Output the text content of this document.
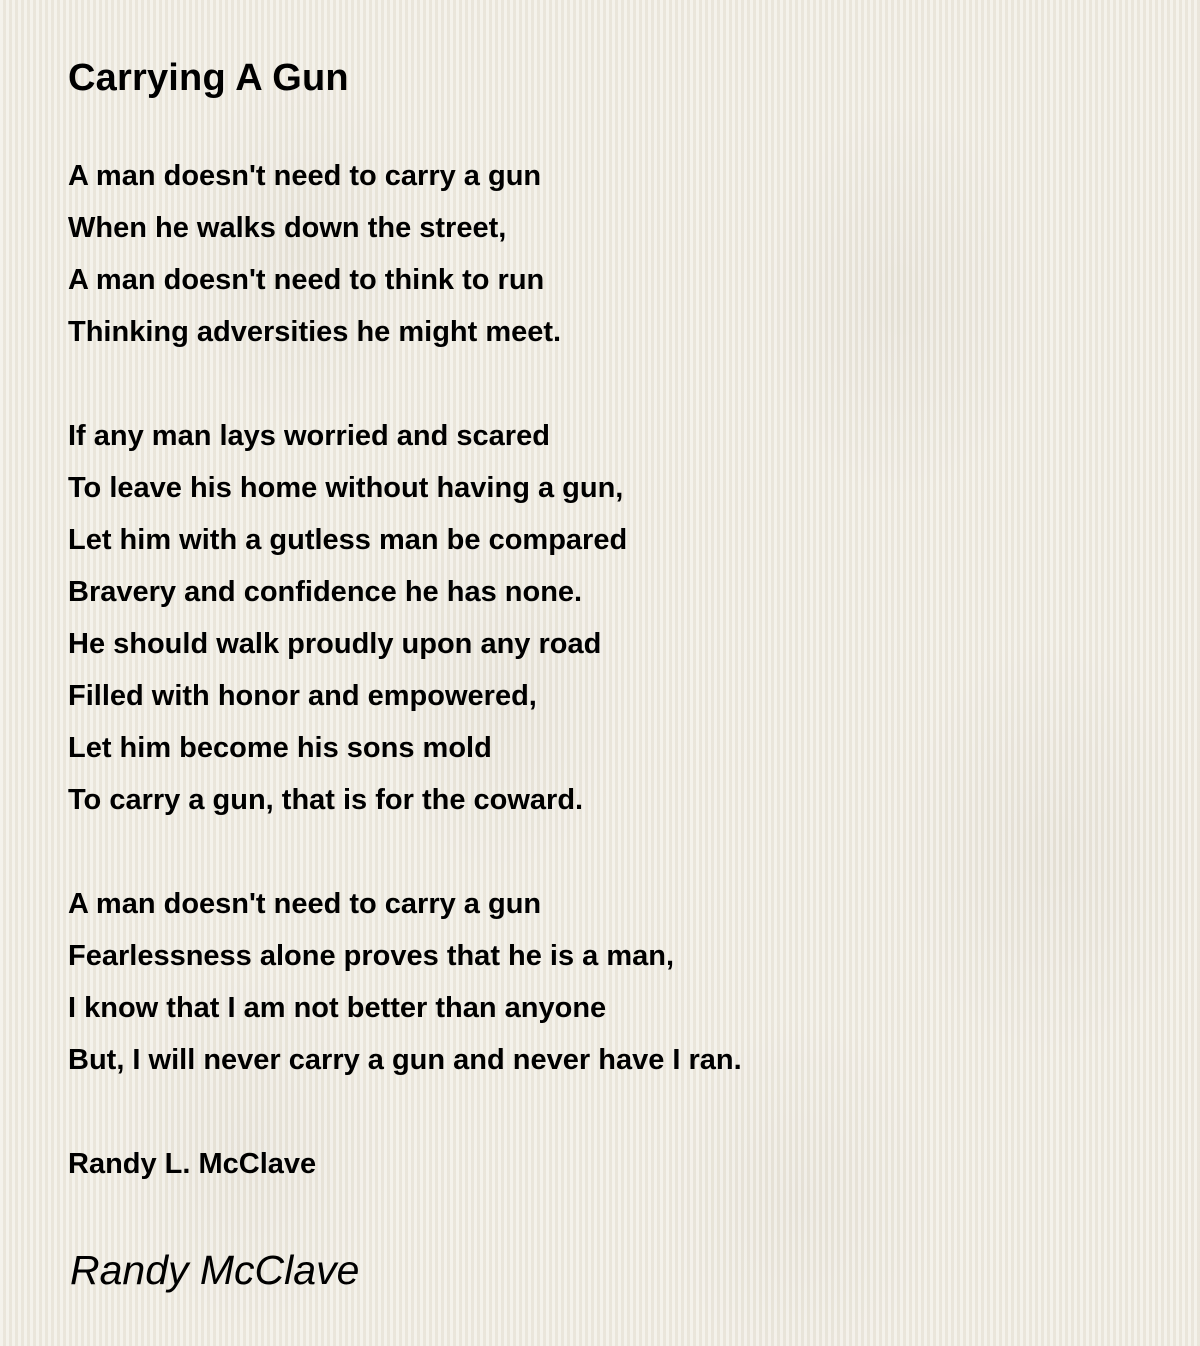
Carrying A Gun
A man doesn't need to carry a gun
When he walks down the street,
A man doesn't need to think to run
Thinking adversities he might meet.
If any man lays worried and scared
To leave his home without having a gun,
Let him with a gutless man be compared
Bravery and confidence he has none.
He should walk proudly upon any road
Filled with honor and empowered,
Let him become his sons mold
To carry a gun, that is for the coward.
A man doesn't need to carry a gun
Fearlessness alone proves that he is a man,
I know that I am not better than anyone
But, I will never carry a gun and never have I ran.
Randy L. McClave
Randy McClave
